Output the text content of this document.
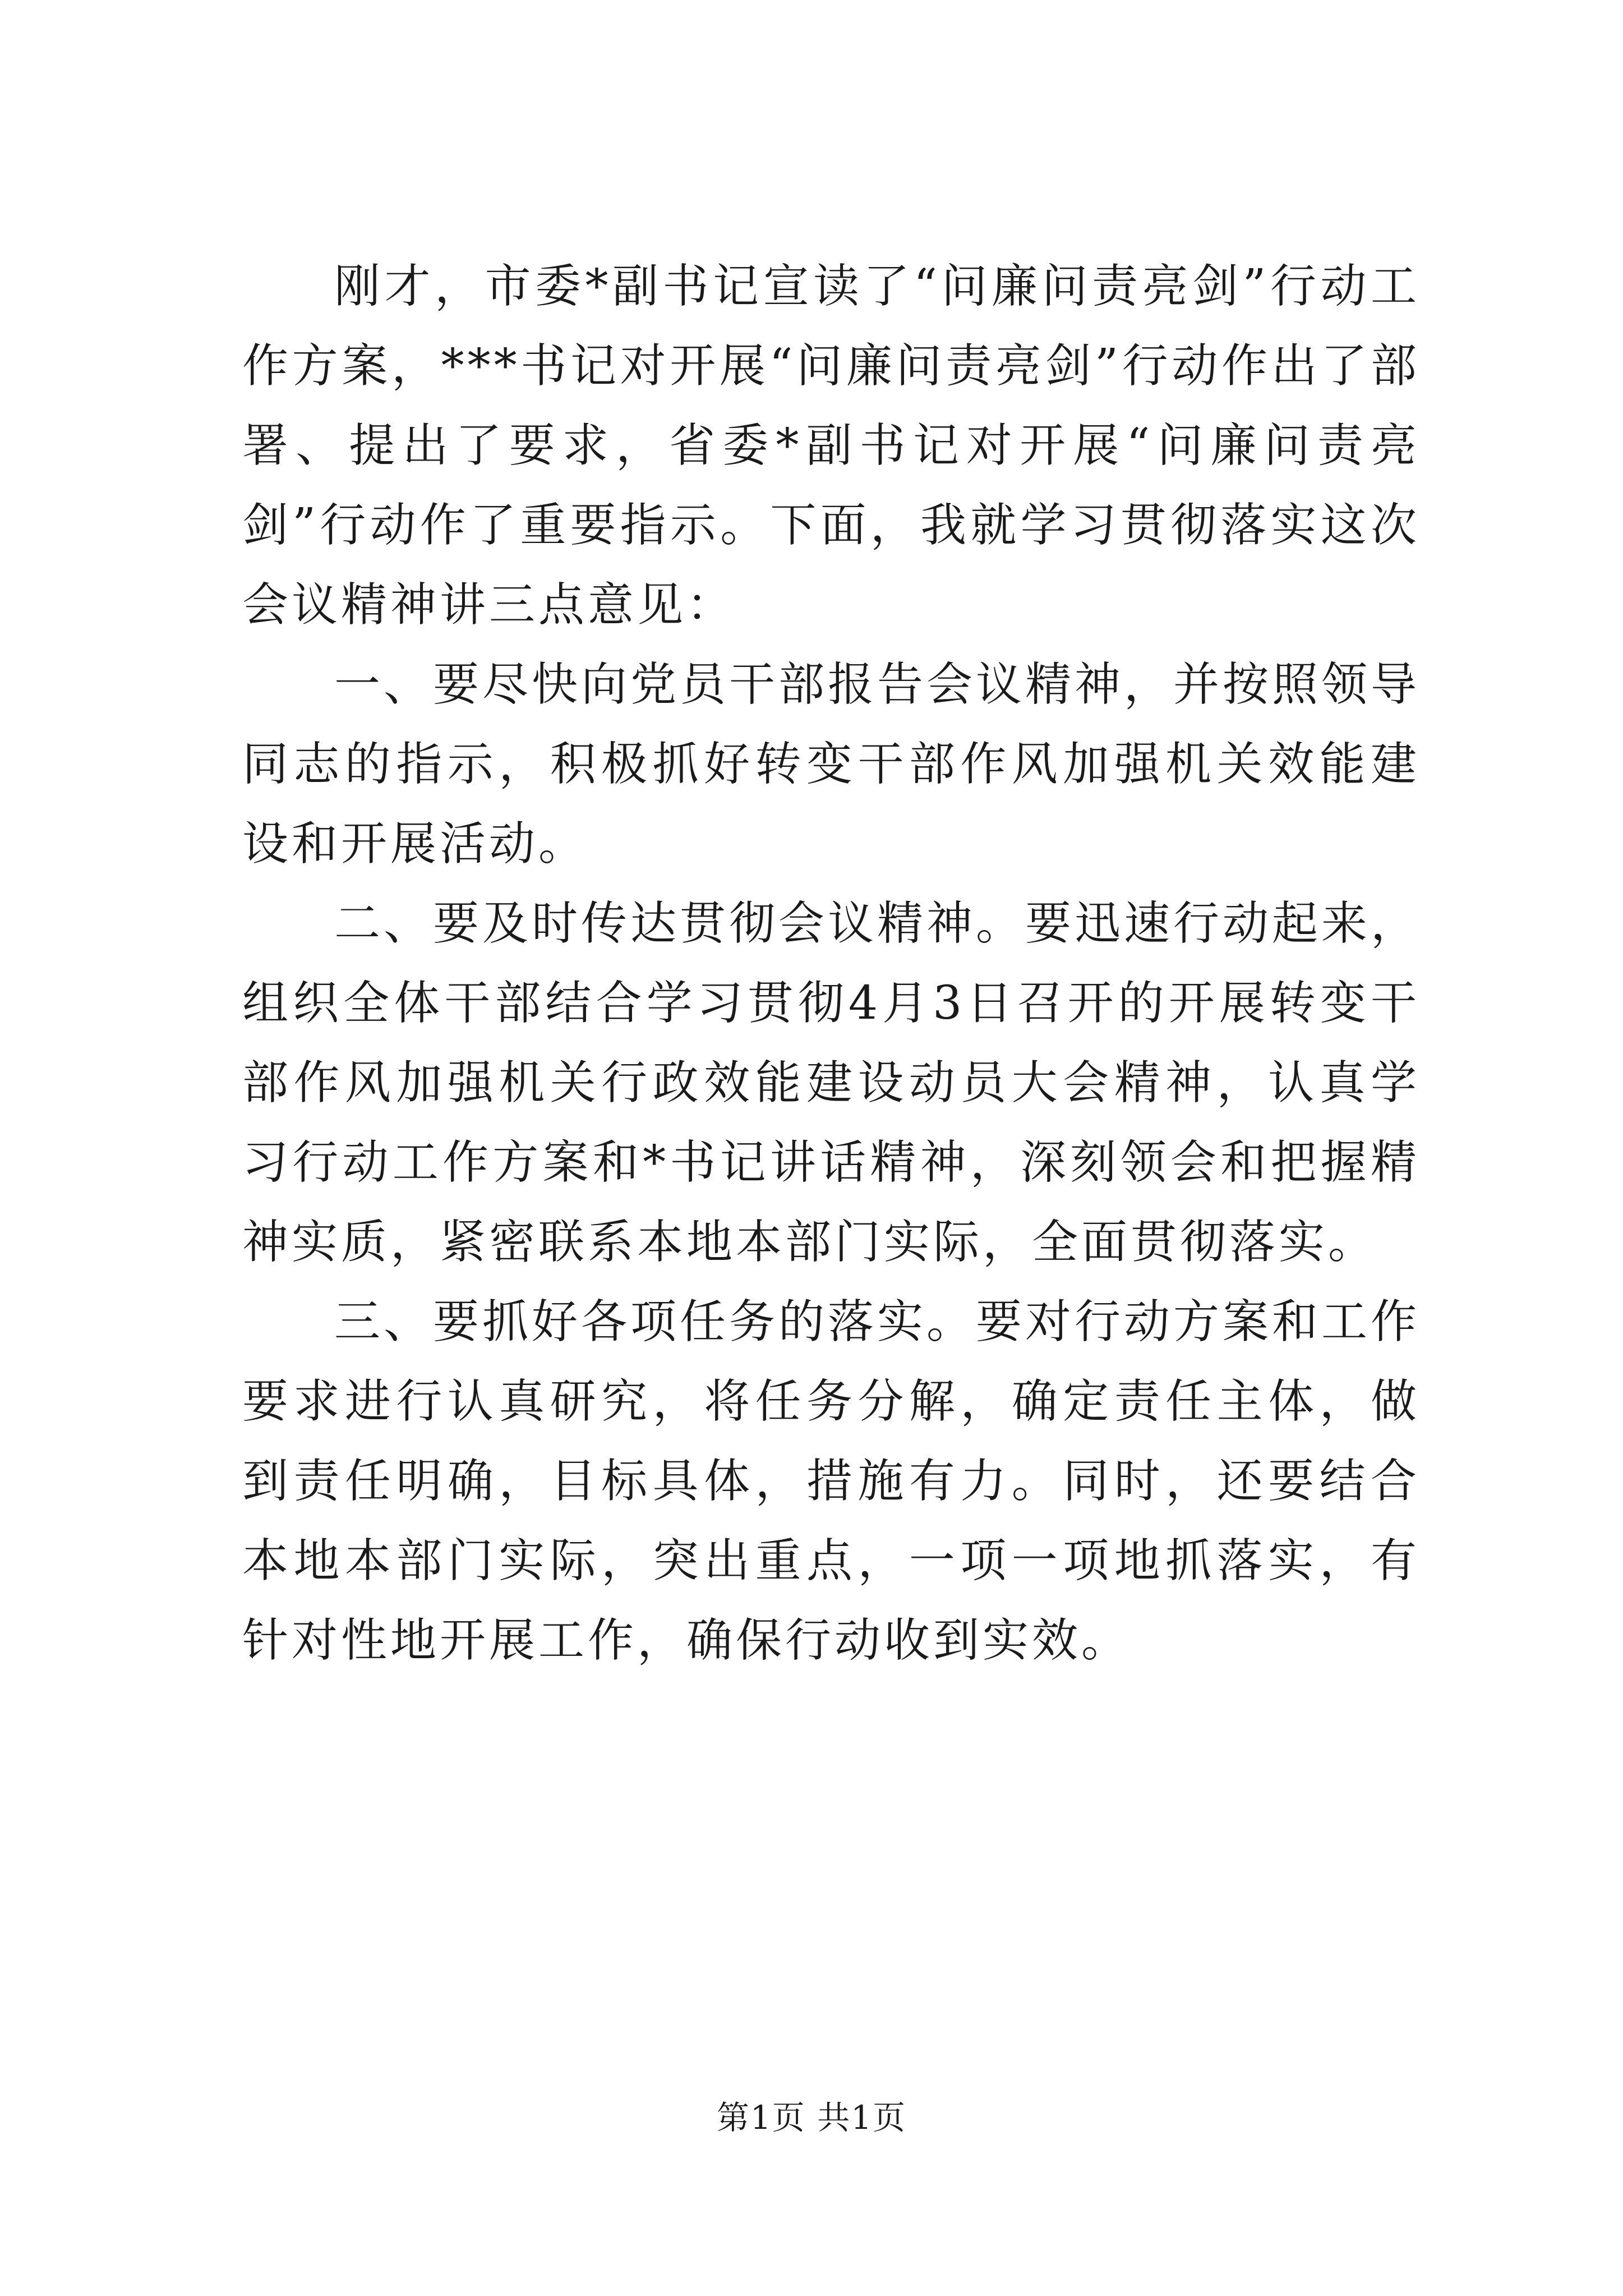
刚才，市委*副书记宣读了“问廉问责亮剑”行动工作方案，***书记对开展“问廉问责亮剑”行动作出了部署、提出了要求，省委*副书记对开展“问廉问责亮剑”行动作了重要指示。下面，我就学习贯彻落实这次会议精神讲三点意见：

一、要尽快向党员干部报告会议精神，并按照领导同志的指示，积极抓好转变干部作风加强机关效能建设和开展活动。

二、要及时传达贯彻会议精神。要迅速行动起来，组织全体干部结合学习贯彻4月3日召开的开展转变干部作风加强机关行政效能建设动员大会精神，认真学习行动工作方案和*书记讲话精神，深刻领会和把握精神实质，紧密联系本地本部门实际，全面贯彻落实。

三、要抓好各项任务的落实。要对行动方案和工作要求进行认真研究，将任务分解，确定责任主体，做到责任明确，目标具体，措施有力。同时，还要结合本地本部门实际，突出重点，一项一项地抓落实，有针对性地开展工作，确保行动收到实效。

第1页 共1页
